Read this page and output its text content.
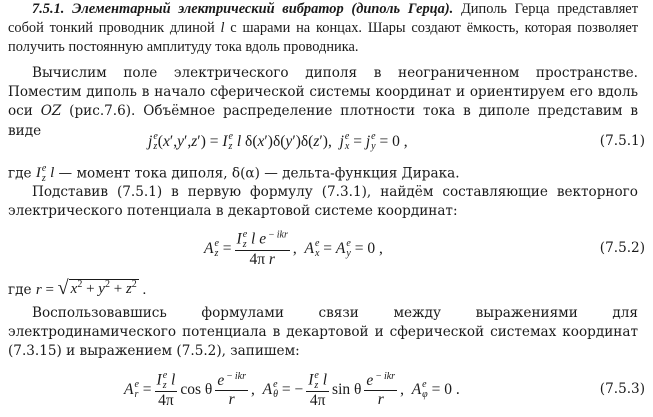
7.5.1. Элементарный электрический вибратор (диполь Герца). Диполь Герца представляет собой тонкий проводник длиной l с шарами на концах. Шары создают ёмкость, которая позволяет получить постоянную амплитуду тока вдоль проводника.

Вычислим поле электрического диполя в неограниченном пространстве. Поместим диполь в начало сферической системы координат и ориентируем его вдоль оси OZ (рис.7.6). Объёмное распределение плотности тока в диполе представим в виде

j e
z ( x ′, y ′, z ′) = I e
z l δ( x ′)δ( y ′)δ( z ′), j e
x = j e
y = 0 ,	(7.5.1)

где I e
z l — момент тока диполя, δ(α) — дельта-функция Дирака.

Подставив (7.5.1) в первую формулу (7.3.1), найдём составляющие векторного электрического потенциала в декартовой системе координат:

A e
z = I e
z l e $^{- ikr}$
4π r , A e
x = A e
y = 0 ,	(7.5.2)

где r = √ $x^2 + y^2 + z^2$ .

Воспользовавшись формулами связи между выражениями для электродинамического потенциала в декартовой и сферической системах координат (7.3.15) и выражением (7.5.2), запишем:

A e
r = I e
z l
4π cos θ $\frac{e ^{- ikr}}{r}$ , A e
θ = − I e
z l
4π sin θ $\frac{e ^{- ikr}}{r}$ , A e
φ = 0 .	(7.5.3)
